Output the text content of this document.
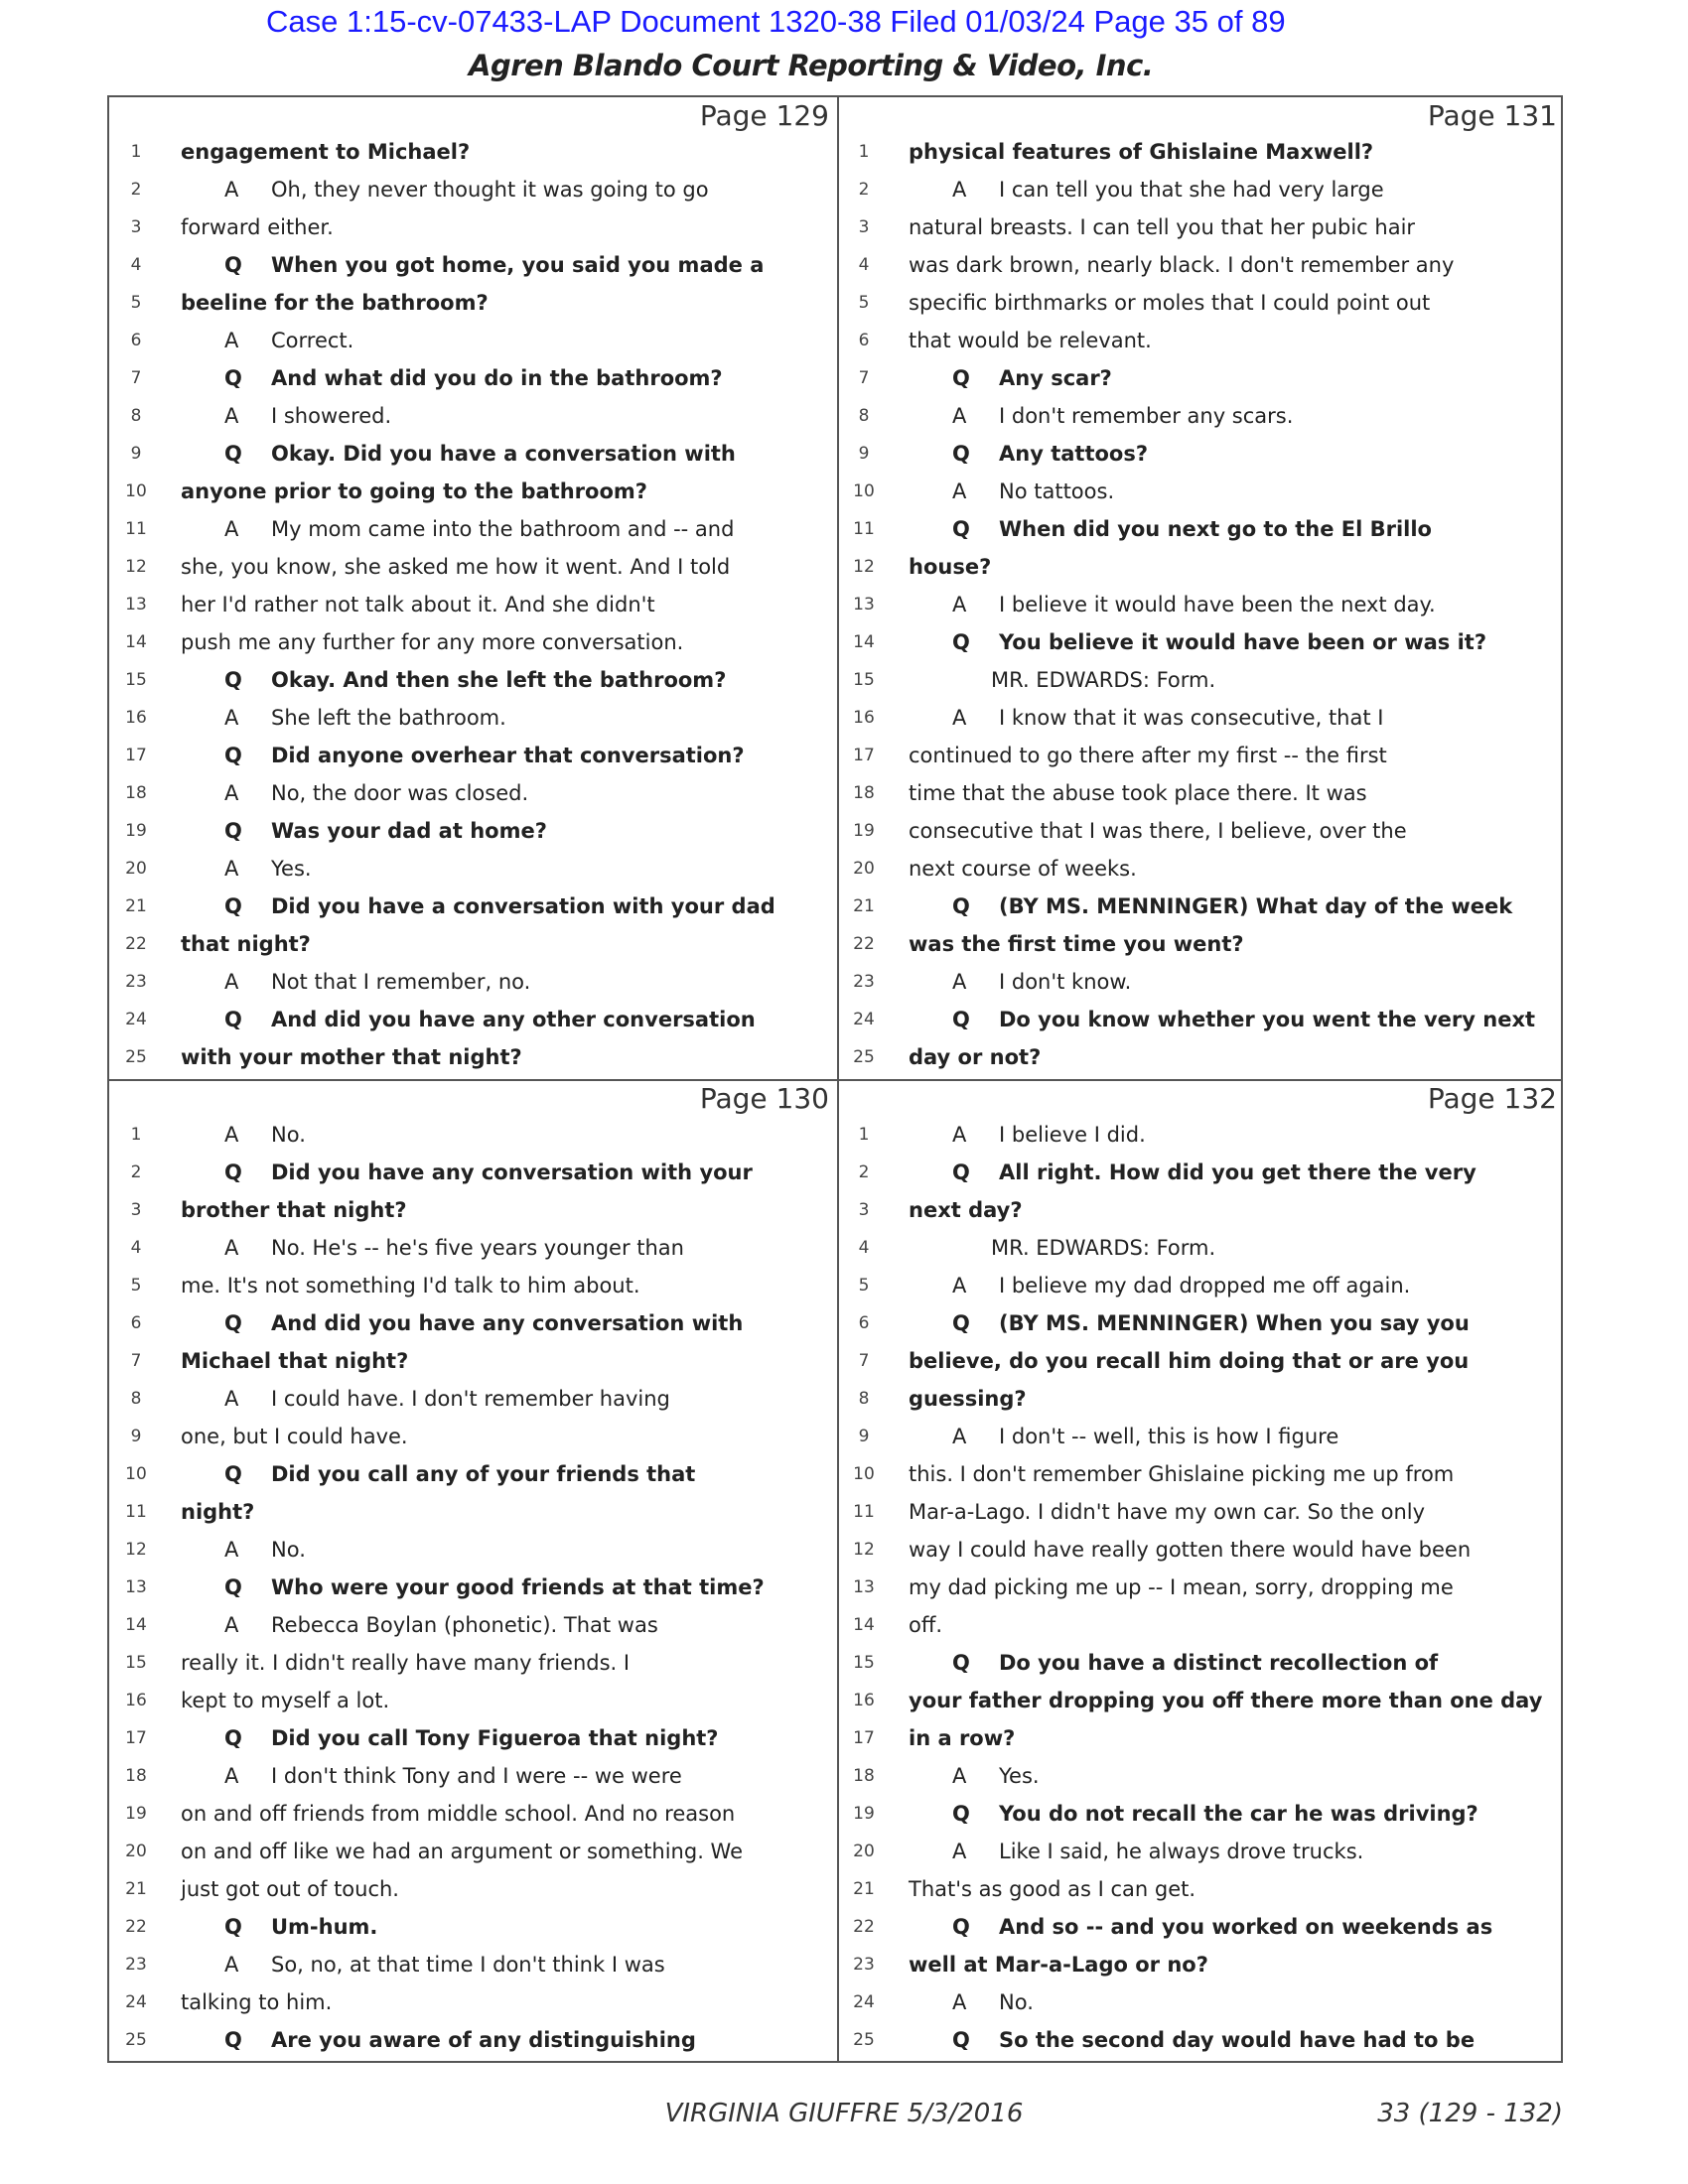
Case 1:15-cv-07433-LAP Document 1320-38 Filed 01/03/24 Page 35 of 89
Agren Blando Court Reporting & Video, Inc.
Page 129
1	engagement to Michael?
2	A Oh, they never thought it was going to go
3	forward either.
4	Q When you got home, you said you made a
5	beeline for the bathroom?
6	A Correct.
7	Q And what did you do in the bathroom?
8	A I showered.
9	Q Okay. Did you have a conversation with
10 anyone prior to going to the bathroom?
11	A My mom came into the bathroom and -- and
12 she, you know, she asked me how it went. And I told
13 her I'd rather not talk about it. And she didn't
14 push me any further for any more conversation.
15	Q Okay. And then she left the bathroom?
16	A She left the bathroom.
17	Q Did anyone overhear that conversation?
18	A No, the door was closed.
19	Q Was your dad at home?
20	A Yes.
21	Q Did you have a conversation with your dad
22 that night?
23	A Not that I remember, no.
24	Q And did you have any other conversation
25 with your mother that night?
Page 131
1	physical features of Ghislaine Maxwell?
2	A I can tell you that she had very large
3	natural breasts. I can tell you that her pubic hair
4	was dark brown, nearly black. I don't remember any
5	specific birthmarks or moles that I could point out
6	that would be relevant.
7	Q Any scar?
8	A I don't remember any scars.
9	Q Any tattoos?
10	A No tattoos.
11	Q When did you next go to the El Brillo
12 house?
13	A I believe it would have been the next day.
14	Q You believe it would have been or was it?
15	MR. EDWARDS: Form.
16	A I know that it was consecutive, that I
17 continued to go there after my first -- the first
18 time that the abuse took place there. It was
19 consecutive that I was there, I believe, over the
20 next course of weeks.
21	Q (BY MS. MENNINGER) What day of the week
22 was the first time you went?
23	A I don't know.
24	Q Do you know whether you went the very next
25 day or not?
Page 130
1	A No.
2	Q Did you have any conversation with your
3	brother that night?
4	A No. He's -- he's five years younger than
5	me. It's not something I'd talk to him about.
6	Q And did you have any conversation with
7	Michael that night?
8	A I could have. I don't remember having
9	one, but I could have.
10	Q Did you call any of your friends that
11 night?
12	A No.
13	Q Who were your good friends at that time?
14	A Rebecca Boylan (phonetic). That was
15 really it. I didn't really have many friends. I
16 kept to myself a lot.
17	Q Did you call Tony Figueroa that night?
18	A I don't think Tony and I were -- we were
19 on and off friends from middle school. And no reason
20 on and off like we had an argument or something. We
21 just got out of touch.
22	Q Um-hum.
23	A So, no, at that time I don't think I was
24 talking to him.
25	Q Are you aware of any distinguishing
Page 132
1	A I believe I did.
2	Q All right. How did you get there the very
3	next day?
4	MR. EDWARDS: Form.
5	A I believe my dad dropped me off again.
6	Q (BY MS. MENNINGER) When you say you
7	believe, do you recall him doing that or are you
8	guessing?
9	A I don't -- well, this is how I figure
10 this. I don't remember Ghislaine picking me up from
11 Mar-a-Lago. I didn't have my own car. So the only
12 way I could have really gotten there would have been
13 my dad picking me up -- I mean, sorry, dropping me
14 off.
15	Q Do you have a distinct recollection of
16 your father dropping you off there more than one day
17 in a row?
18	A Yes.
19	Q You do not recall the car he was driving?
20	A Like I said, he always drove trucks.
21 That's as good as I can get.
22	Q And so -- and you worked on weekends as
23 well at Mar-a-Lago or no?
24	A No.
25	Q So the second day would have had to be
VIRGINIA GIUFFRE 5/3/2016	33 (129 - 132)
